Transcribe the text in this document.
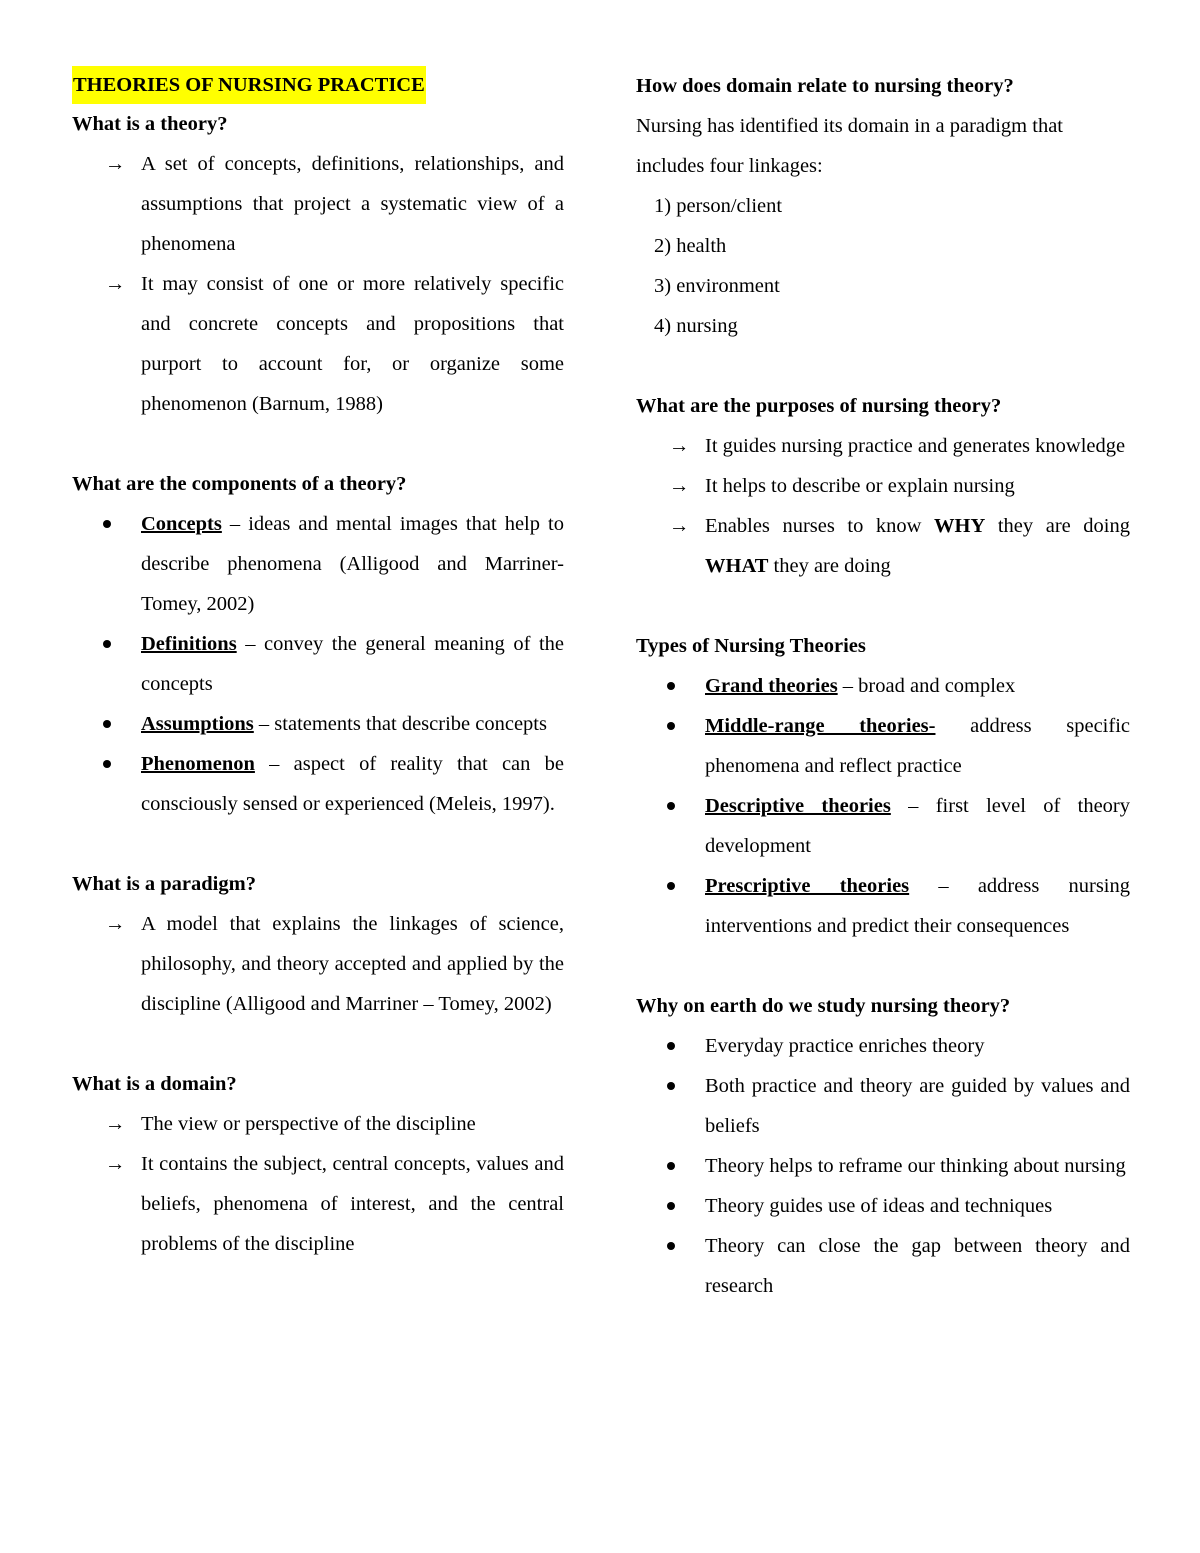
THEORIES OF NURSING PRACTICE
What is a theory?
→ A set of concepts, definitions, relationships, and assumptions that project a systematic view of a phenomena
→ It may consist of one or more relatively specific and concrete concepts and propositions that purport to account for, or organize some phenomenon (Barnum, 1988)
What are the components of a theory?
Concepts – ideas and mental images that help to describe phenomena (Alligood and Marriner-Tomey, 2002)
Definitions – convey the general meaning of the concepts
Assumptions – statements that describe concepts
Phenomenon – aspect of reality that can be consciously sensed or experienced (Meleis, 1997).
What is a paradigm?
→ A model that explains the linkages of science, philosophy, and theory accepted and applied by the discipline (Alligood and Marriner – Tomey, 2002)
What is a domain?
→ The view or perspective of the discipline
→ It contains the subject, central concepts, values and beliefs, phenomena of interest, and the central problems of the discipline
How does domain relate to nursing theory?
Nursing has identified its domain in a paradigm that includes four linkages:
1) person/client
2) health
3) environment
4) nursing
What are the purposes of nursing theory?
→ It guides nursing practice and generates knowledge
→ It helps to describe or explain nursing
→ Enables nurses to know WHY they are doing WHAT they are doing
Types of Nursing Theories
Grand theories – broad and complex
Middle-range theories- address specific phenomena and reflect practice
Descriptive theories – first level of theory development
Prescriptive theories – address nursing interventions and predict their consequences
Why on earth do we study nursing theory?
Everyday practice enriches theory
Both practice and theory are guided by values and beliefs
Theory helps to reframe our thinking about nursing
Theory guides use of ideas and techniques
Theory can close the gap between theory and research
